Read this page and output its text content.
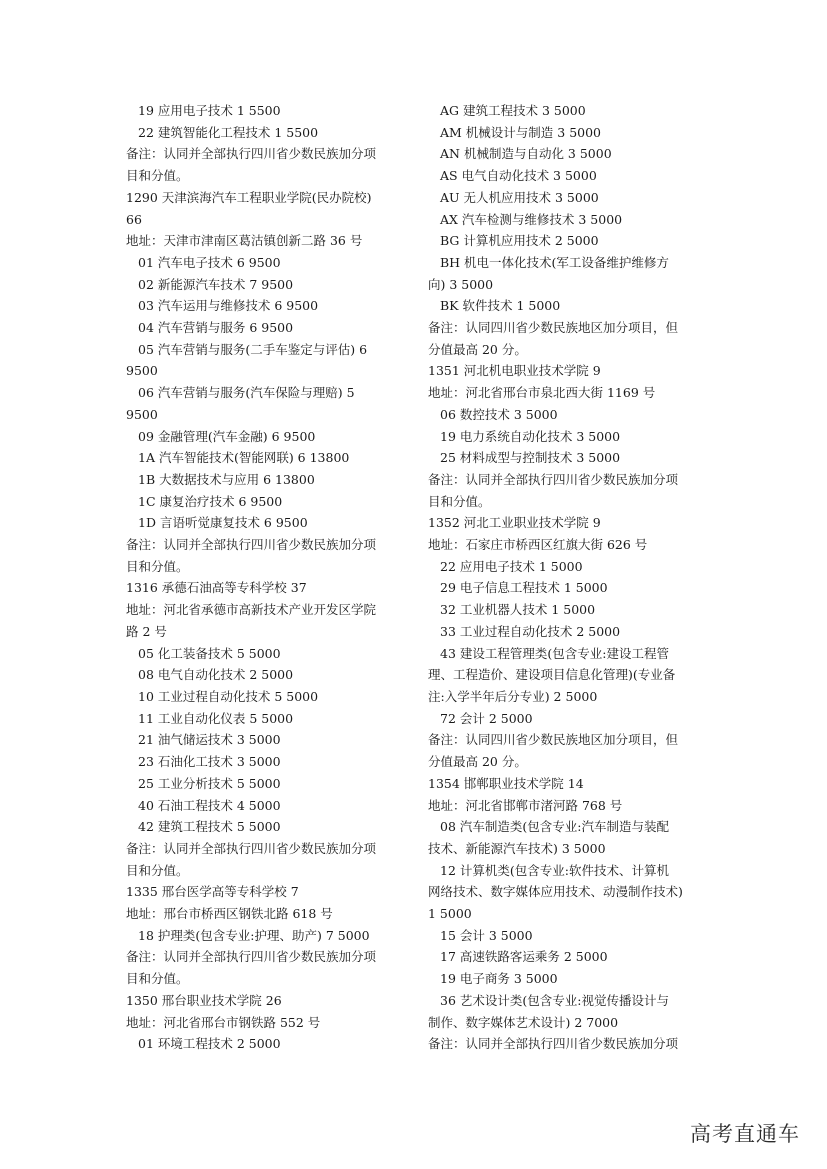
19 应用电子技术 1 5500
22 建筑智能化工程技术 1 5500
备注：认同并全部执行四川省少数民族加分项
目和分值。
1290 天津滨海汽车工程职业学院(民办院校)
66
地址：天津市津南区葛沽镇创新二路 36 号
01 汽车电子技术 6 9500
02 新能源汽车技术 7 9500
03 汽车运用与维修技术 6 9500
04 汽车营销与服务 6 9500
05 汽车营销与服务(二手车鉴定与评估) 6
9500
06 汽车营销与服务(汽车保险与理赔) 5
9500
09 金融管理(汽车金融) 6 9500
1A 汽车智能技术(智能网联) 6 13800
1B 大数据技术与应用 6 13800
1C 康复治疗技术 6 9500
1D 言语听觉康复技术 6 9500
备注：认同并全部执行四川省少数民族加分项
目和分值。
1316 承德石油高等专科学校 37
地址：河北省承德市高新技术产业开发区学院
路 2 号
05 化工装备技术 5 5000
08 电气自动化技术 2 5000
10 工业过程自动化技术 5 5000
11 工业自动化仪表 5 5000
21 油气储运技术 3 5000
23 石油化工技术 3 5000
25 工业分析技术 5 5000
40 石油工程技术 4 5000
42 建筑工程技术 5 5000
备注：认同并全部执行四川省少数民族加分项
目和分值。
1335 邢台医学高等专科学校 7
地址：邢台市桥西区钢铁北路 618 号
18 护理类(包含专业:护理、助产) 7 5000
备注：认同并全部执行四川省少数民族加分项
目和分值。
1350 邢台职业技术学院 26
地址：河北省邢台市钢铁路 552 号
01 环境工程技术 2 5000
AG 建筑工程技术 3 5000
AM 机械设计与制造 3 5000
AN 机械制造与自动化 3 5000
AS 电气自动化技术 3 5000
AU 无人机应用技术 3 5000
AX 汽车检测与维修技术 3 5000
BG 计算机应用技术 2 5000
BH 机电一体化技术(军工设备维护维修方
向) 3 5000
BK 软件技术 1 5000
备注：认同四川省少数民族地区加分项目，但
分值最高 20 分。
1351 河北机电职业技术学院 9
地址：河北省邢台市泉北西大街 1169 号
06 数控技术 3 5000
19 电力系统自动化技术 3 5000
25 材料成型与控制技术 3 5000
备注：认同并全部执行四川省少数民族加分项
目和分值。
1352 河北工业职业技术学院 9
地址：石家庄市桥西区红旗大街 626 号
22 应用电子技术 1 5000
29 电子信息工程技术 1 5000
32 工业机器人技术 1 5000
33 工业过程自动化技术 2 5000
43 建设工程管理类(包含专业:建设工程管
理、工程造价、建设项目信息化管理)(专业备
注:入学半年后分专业) 2 5000
72 会计 2 5000
备注：认同四川省少数民族地区加分项目，但
分值最高 20 分。
1354 邯郸职业技术学院 14
地址：河北省邯郸市渚河路 768 号
08 汽车制造类(包含专业:汽车制造与装配
技术、新能源汽车技术) 3 5000
12 计算机类(包含专业:软件技术、计算机
网络技术、数字媒体应用技术、动漫制作技术)
1 5000
15 会计 3 5000
17 高速铁路客运乘务 2 5000
19 电子商务 3 5000
36 艺术设计类(包含专业:视觉传播设计与
制作、数字媒体艺术设计) 2 7000
备注：认同并全部执行四川省少数民族加分项
高考直通车
